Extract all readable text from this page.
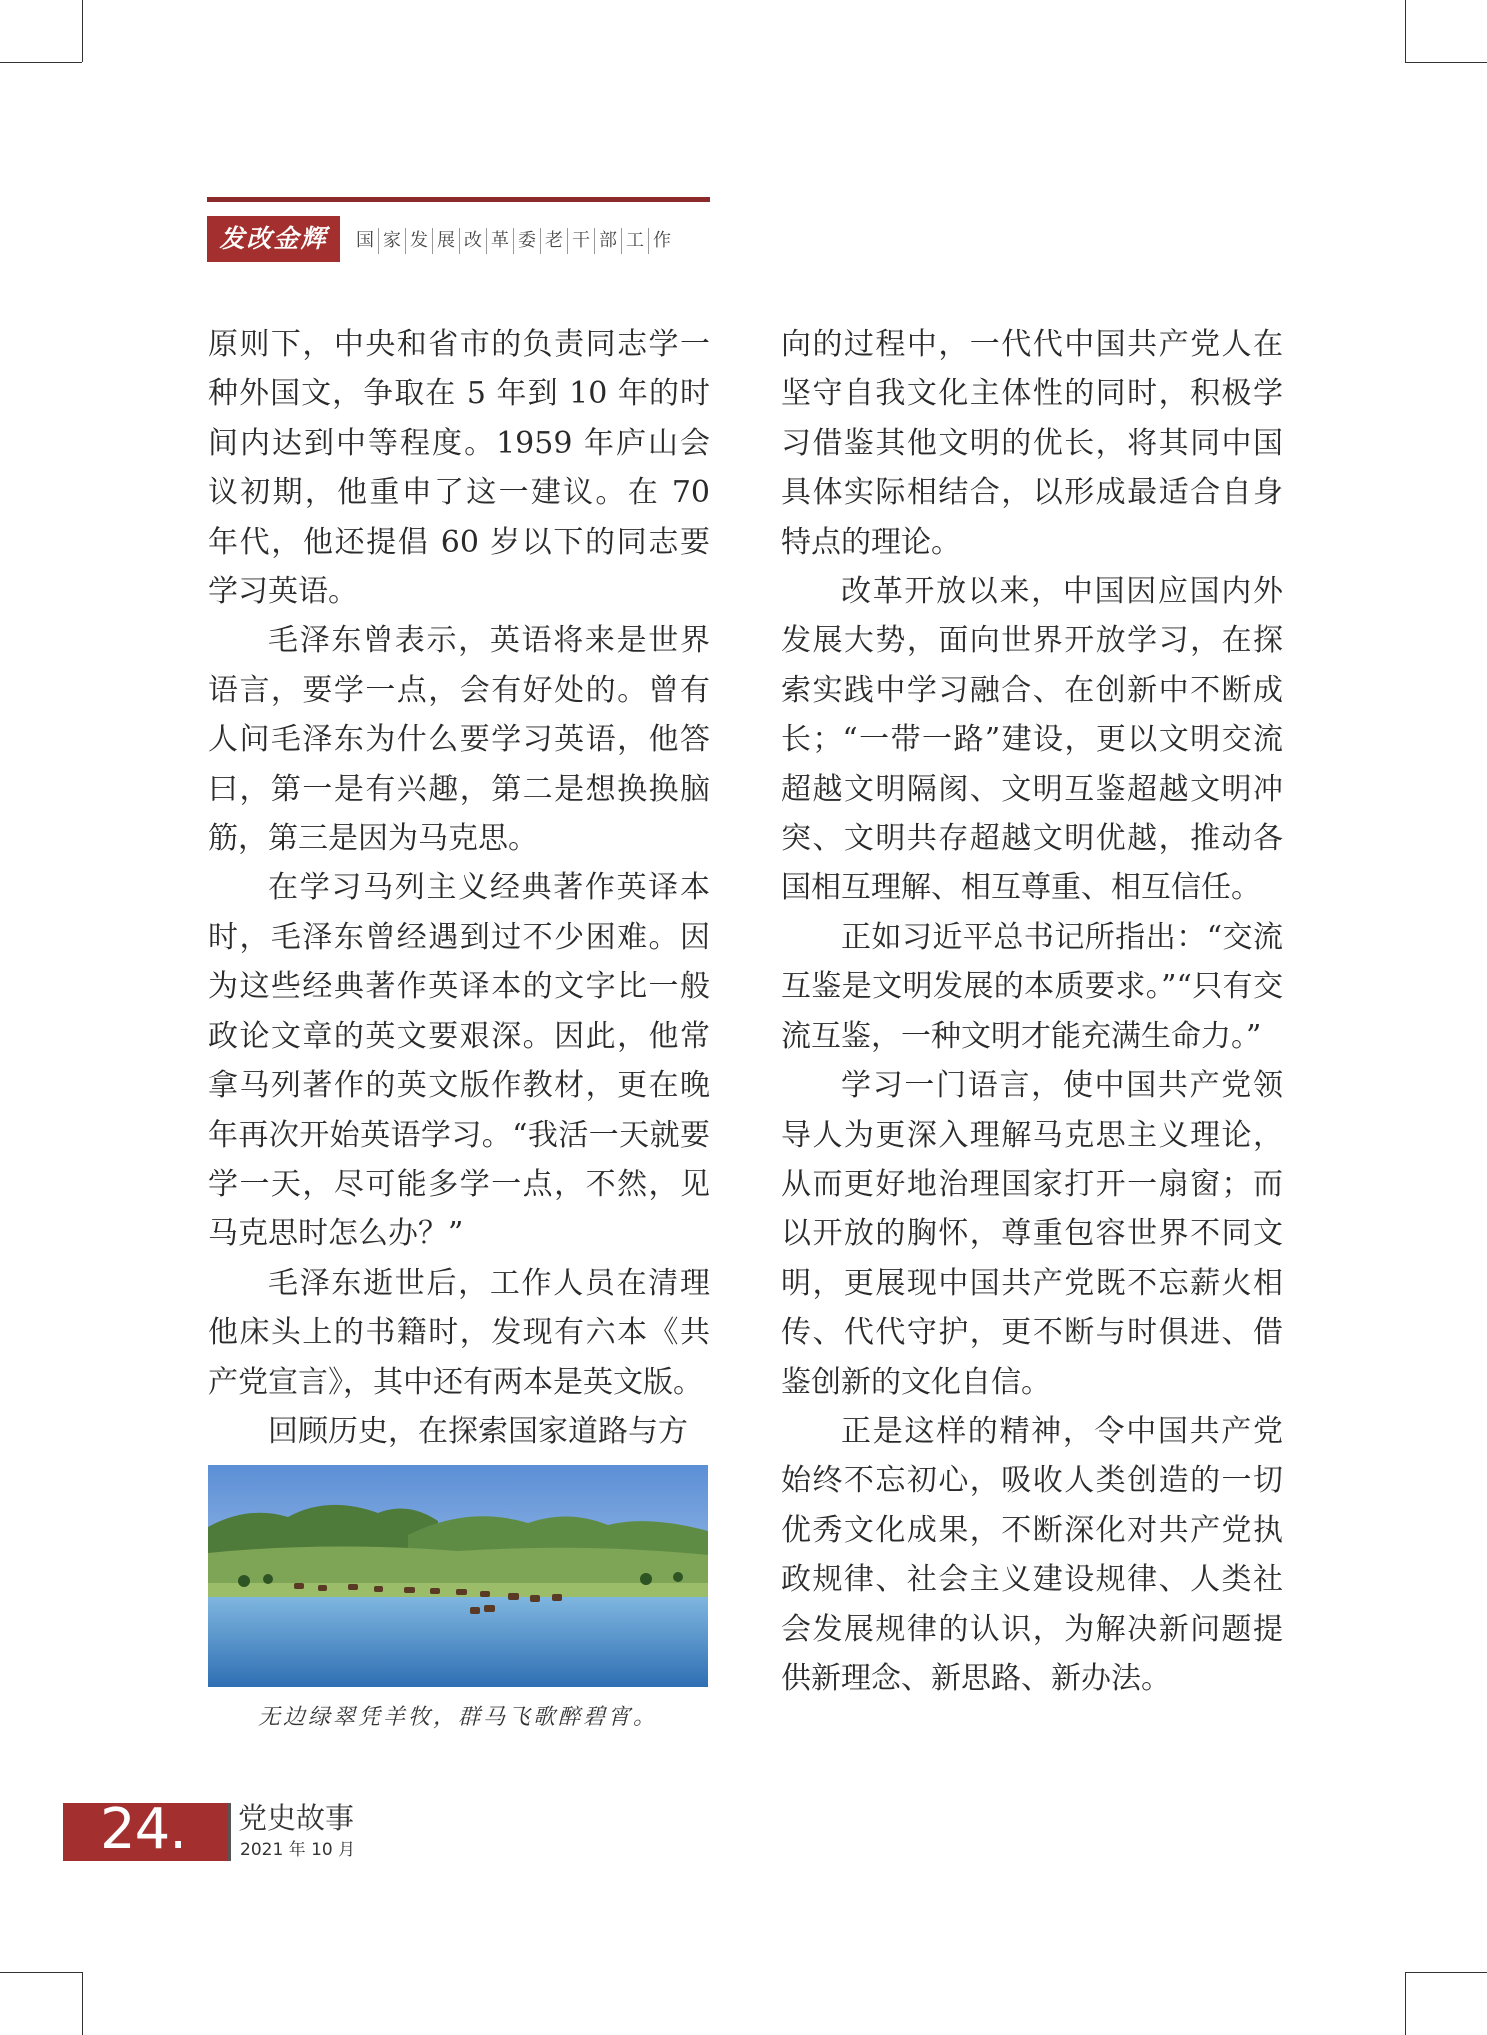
发改金辉	国 家 发 展 改 革 委 老 干 部 工 作

原则下，中央和省市的负责同志学一种外国文，争取在 5 年到 10 年的时间内达到中等程度。1959 年庐山会议初期，他重申了这一建议。在 70 年代，他还提倡 60 岁以下的同志要学习英语。

毛泽东曾表示，英语将来是世界语言，要学一点，会有好处的。曾有人问毛泽东为什么要学习英语，他答曰，第一是有兴趣，第二是想换换脑筋，第三是因为马克思。

在学习马列主义经典著作英译本时，毛泽东曾经遇到过不少困难。因为这些经典著作英译本的文字比一般政论文章的英文要艰深。因此，他常拿马列著作的英文版作教材，更在晚年再次开始英语学习。“我活一天就要学一天，尽可能多学一点，不然，见马克思时怎么办？”

毛泽东逝世后，工作人员在清理他床头上的书籍时，发现有六本《共产党宣言》，其中还有两本是英文版。

回顾历史，在探索国家道路与方

向的过程中，一代代中国共产党人在坚守自我文化主体性的同时，积极学习借鉴其他文明的优长，将其同中国具体实际相结合，以形成最适合自身特点的理论。

改革开放以来，中国因应国内外发展大势，面向世界开放学习，在探索实践中学习融合、在创新中不断成长；“一带一路”建设，更以文明交流超越文明隔阂、文明互鉴超越文明冲突、文明共存超越文明优越，推动各国相互理解、相互尊重、相互信任。

正如习近平总书记所指出：“交流互鉴是文明发展的本质要求。”“只有交流互鉴，一种文明才能充满生命力。”

学习一门语言，使中国共产党领导人为更深入理解马克思主义理论，从而更好地治理国家打开一扇窗；而以开放的胸怀，尊重包容世界不同文明，更展现中国共产党既不忘薪火相传、代代守护，更不断与时俱进、借鉴创新的文化自信。

正是这样的精神，令中国共产党始终不忘初心，吸收人类创造的一切优秀文化成果，不断深化对共产党执政规律、社会主义建设规律、人类社会发展规律的认识，为解决新问题提供新理念、新思路、新办法。

无边绿翠凭羊牧，群马飞歌醉碧宵。
24. 党史故事
2021 年 10 月
